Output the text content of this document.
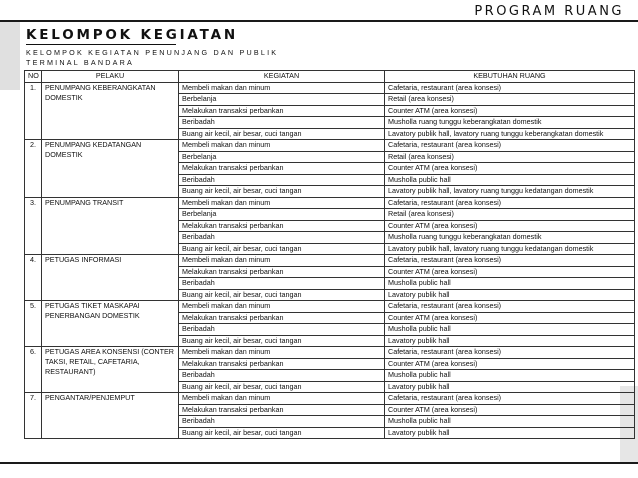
PROGRAM RUANG
KELOMPOK KEGIATAN
KELOMPOK KEGIATAN PENUNJANG DAN PUBLIK
TERMINAL BANDARA
NO	PELAKU	KEGIATAN	KEBUTUHAN RUANG
1.	PENUMPANG KEBERANGKATAN DOMESTIK	Membeli makan dan minum	Cafetaria, restaurant (area konsesi)
		Berbelanja	Retail (area konsesi)
		Melakukan transaksi perbankan	Counter ATM (area konsesi)
		Beribadah	Musholla ruang tunggu keberangkatan domestik
		Buang air kecil, air besar, cuci tangan	Lavatory publik hall, lavatory ruang tunggu keberangkatan domestik
2.	PENUMPANG KEDATANGAN DOMESTIK	Membeli makan dan minum	Cafetaria, restaurant (area konsesi)
		Berbelanja	Retail (area konsesi)
		Melakukan transaksi perbankan	Counter ATM (area konsesi)
		Beribadah	Musholla public hall
		Buang air kecil, air besar, cuci tangan	Lavatory publik hall, lavatory ruang tunggu kedatangan domestik
3.	PENUMPANG TRANSIT	Membeli makan dan minum	Cafetaria, restaurant (area konsesi)
		Berbelanja	Retail (area konsesi)
		Melakukan transaksi perbankan	Counter ATM (area konsesi)
		Beribadah	Musholla ruang tunggu keberangkatan domestik
		Buang air kecil, air besar, cuci tangan	Lavatory publik hall, lavatory ruang tunggu kedatangan domestik
4.	PETUGAS INFORMASI	Membeli makan dan minum	Cafetaria, restaurant (area konsesi)
		Melakukan transaksi perbankan	Counter ATM (area konsesi)
		Beribadah	Musholla public hall
		Buang air kecil, air besar, cuci tangan	Lavatory publik hall
5.	PETUGAS TIKET MASKAPAI PENERBANGAN DOMESTIK	Membeli makan dan minum	Cafetaria, restaurant (area konsesi)
		Melakukan transaksi perbankan	Counter ATM (area konsesi)
		Beribadah	Musholla public hall
		Buang air kecil, air besar, cuci tangan	Lavatory publik hall
6.	PETUGAS AREA KONSENSI (CONTER TAKSI, RETAIL, CAFETARIA, RESTAURANT)	Membeli makan dan minum	Cafetaria, restaurant (area konsesi)
		Melakukan transaksi perbankan	Counter ATM (area konsesi)
		Beribadah	Musholla public hall
		Buang air kecil, air besar, cuci tangan	Lavatory publik hall
7.	PENGANTAR/PENJEMPUT	Membeli makan dan minum	Cafetaria, restaurant (area konsesi)
		Melakukan transaksi perbankan	Counter ATM (area konsesi)
		Beribadah	Musholla public hall
		Buang air kecil, air besar, cuci tangan	Lavatory publik hall
